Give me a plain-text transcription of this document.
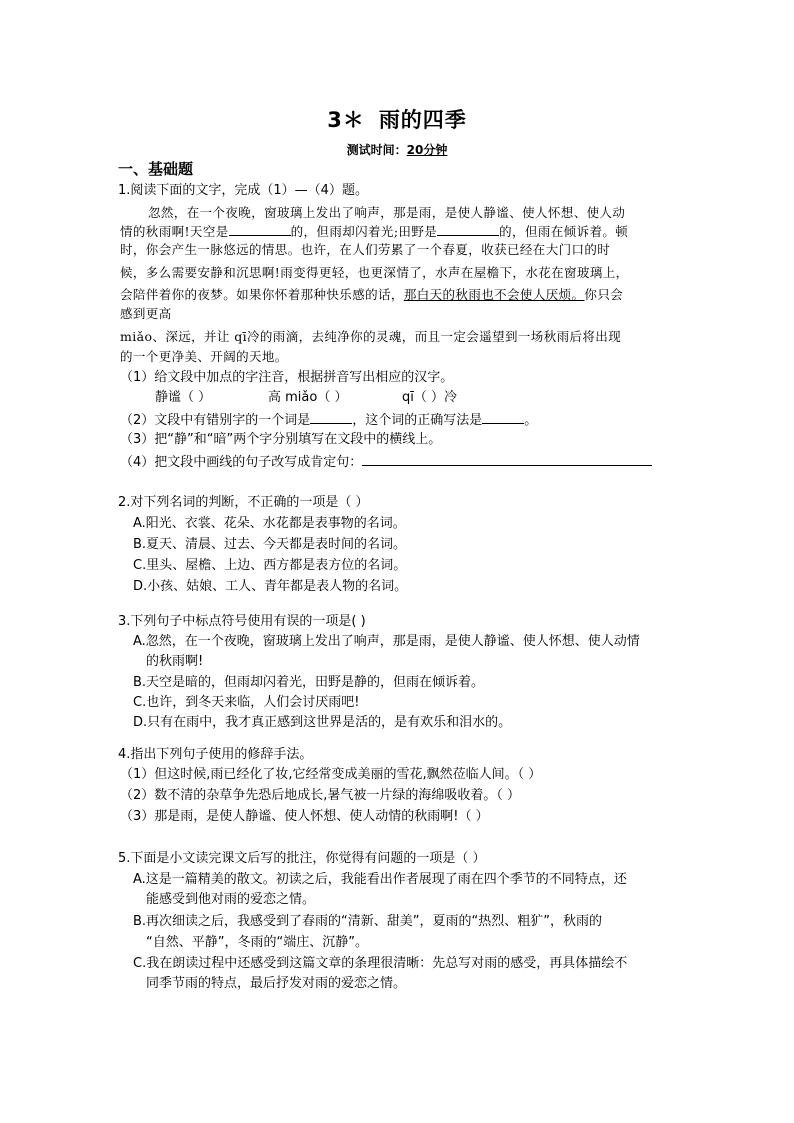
3＊ 雨的四季
测试时间：20分钟
一、基础题
1.阅读下面的文字，完成（1）—（4）题。
忽然，在一个夜晚，窗玻璃上发出了响声，那是雨，是使人静谧、使人怀想、使人动
情的秋雨啊!天空是	的，但雨却闪着光;田野是	的，但雨在倾诉着。顿
时，你会产生一脉悠远的情思。也许，在人们劳累了一个春夏，收获已经在大门口的时
候，多么需要安静和沉思啊!雨变得更轻，也更深情了，水声在屋檐下，水花在窗玻璃上，
会陪伴着你的夜梦。如果你怀着那种快乐感的话，那白天的秋雨也不会使人厌烦。你只会
感到更高
miǎo、深远，并让 qī冷的雨滴，去纯净你的灵魂，而且一定会遥望到一场秋雨后将出现
的一个更净美、开阔的天地。
（1）给文段中加点的字注音，根据拼音写出相应的汉字。
静谧（ ）	高 miǎo（ ）	qī（ ）冷
（2）文段中有错别字的一个词是	，这个词的正确写法是	。
（3）把“静”和“暗”两个字分别填写在文段中的横线上。
（4）把文段中画线的句子改写成肯定句：
2.对下列名词的判断，不正确的一项是（ ）
A.阳光、衣裳、花朵、水花都是表事物的名词。
B.夏天、清晨、过去、今天都是表时间的名词。
C.里头、屋檐、上边、西方都是表方位的名词。
D.小孩、姑娘、工人、青年都是表人物的名词。
3.下列句子中标点符号使用有误的一项是( )
A.忽然，在一个夜晚，窗玻璃上发出了响声，那是雨，是使人静谧、使人怀想、使人动情
的秋雨啊!
B.天空是暗的，但雨却闪着光，田野是静的，但雨在倾诉着。
C.也许，到冬天来临，人们会讨厌雨吧!
D.只有在雨中，我才真正感到这世界是活的，是有欢乐和泪水的。
4.指出下列句子使用的修辞手法。
（1）但这时候,雨已经化了妆,它经常变成美丽的雪花,飘然莅临人间。（ ）
（2）数不清的杂草争先恐后地成长,暑气被一片绿的海绵吸收着。（ ）
（3）那是雨，是使人静谧、使人怀想、使人动情的秋雨啊!（ ）
5.下面是小文读完课文后写的批注，你觉得有问题的一项是（ ）
A.这是一篇精美的散文。初读之后，我能看出作者展现了雨在四个季节的不同特点，还
能感受到他对雨的爱恋之情。
B.再次细读之后，我感受到了春雨的“清新、甜美”，夏雨的“热烈、粗犷”，秋雨的
“自然、平静”，冬雨的“端庄、沉静”。
C.我在朗读过程中还感受到这篇文章的条理很清晰：先总写对雨的感受，再具体描绘不
同季节雨的特点，最后抒发对雨的爱恋之情。
